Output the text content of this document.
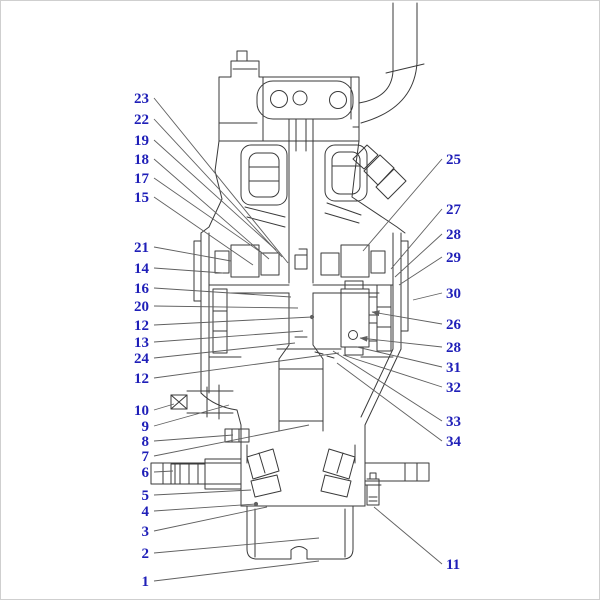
23
22
19
18
17
15
21
14
16
20
12
13
24
12
10
9
8
7
6
5
4
3
2
1
25
27
28
29
30
26
28
31
32
33
34
11
